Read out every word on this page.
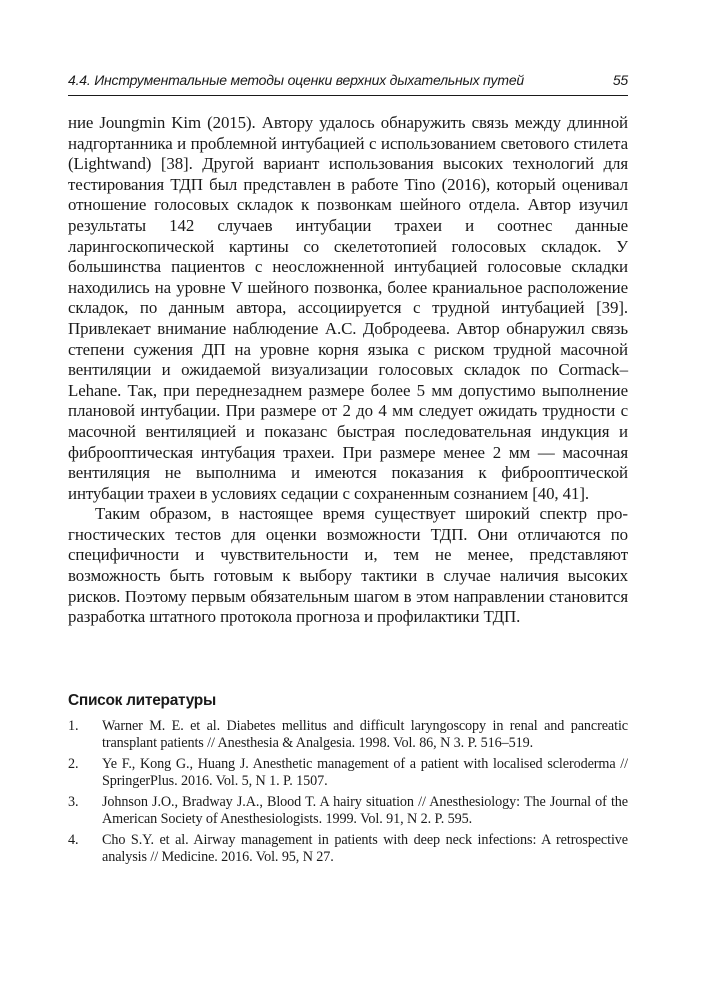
4.4. Инструментальные методы оценки верхних дыхательных путей	55

ние Joungmin Kim (2015). Автору удалось обнаружить связь между длинной надгортанника и проблемной интубацией с использованием светового стилета (Lightwand) [38]. Другой вариант использования высоких технологий для тестирования ТДП был представлен в работе Tino (2016), который оценивал отношение голосовых складок к позвонкам шейного отдела. Автор изучил результаты 142 случаев интубации трахеи и соотнес данные ларингоскопической картины со скелетотопией голосовых складок. У большинства пациентов с неосложненной интубацией голосовые складки находились на уровне V шейного позвонка, более краниальное расположение складок, по данным автора, ассоциируется с трудной интубацией [39]. Привлекает внимание наблюдение А.С. Добродеева. Автор обнаружил связь степени сужения ДП на уровне корня языка с риском трудной масочной вентиляции и ожидаемой визуализации голосовых складок по Cormack–Lehane. Так, при переднезаднем размере более 5 мм допустимо выполнение плановой интубации. При размере от 2 до 4 мм следует ожидать трудности с масочной вентиляцией и показанс быстрая последовательная индукция и фиброоптическая интубация трахеи. При размере менее 2 мм — масочная вентиляция не выполнима и имеются показания к фиброоптической интубации трахеи в условиях седации с сохраненным сознанием [40, 41].

Таким образом, в настоящее время существует широкий спектр прогностических тестов для оценки возможности ТДП. Они отличаются по специфичности и чувствительности и, тем не менее, представляют возможность быть готовым к выбору тактики в случае наличия высоких рисков. Поэтому первым обязательным шагом в этом направлении становится разработка штатного протокола прогноза и профилактики ТДП.

Список литературы
1.	Warner M. E. et al. Diabetes mellitus and difficult laryngoscopy in renal and pancreatic transplant patients // Anesthesia & Analgesia. 1998. Vol. 86, N 3. P. 516–519.
2.	Ye F., Kong G., Huang J. Anesthetic management of a patient with localised scleroderma // SpringerPlus. 2016. Vol. 5, N 1. P. 1507.
3.	Johnson J.O., Bradway J.A., Blood T. A hairy situation // Anesthesiology: The Journal of the American Society of Anesthesiologists. 1999. Vol. 91, N 2. P. 595.
4.	Cho S.Y. et al. Airway management in patients with deep neck infections: A retrospective analysis // Medicine. 2016. Vol. 95, N 27.
